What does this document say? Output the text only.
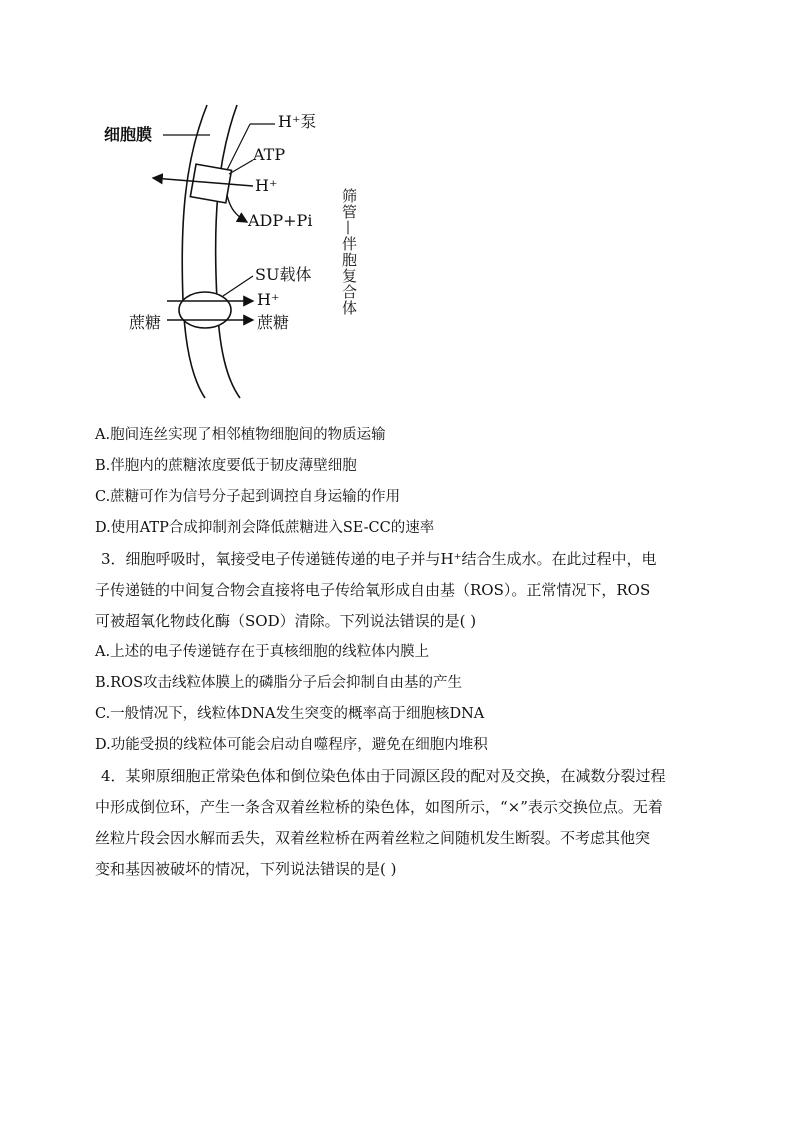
细胞膜
H⁺泵
ATP
H⁺
ADP+Pi
SU载体
H⁺
蔗糖	蔗糖
筛管—伴胞复合体
A.胞间连丝实现了相邻植物细胞间的物质运输
B.伴胞内的蔗糖浓度要低于韧皮薄壁细胞
C.蔗糖可作为信号分子起到调控自身运输的作用
D.使用ATP合成抑制剂会降低蔗糖进入SE-CC的速率
3．细胞呼吸时，氧接受电子传递链传递的电子并与H⁺结合生成水。在此过程中，电
子传递链的中间复合物会直接将电子传给氧形成自由基（ROS）。正常情况下，ROS
可被超氧化物歧化酶（SOD）清除。下列说法错误的是( )
A.上述的电子传递链存在于真核细胞的线粒体内膜上
B.ROS攻击线粒体膜上的磷脂分子后会抑制自由基的产生
C.一般情况下，线粒体DNA发生突变的概率高于细胞核DNA
D.功能受损的线粒体可能会启动自噬程序，避免在细胞内堆积
4．某卵原细胞正常染色体和倒位染色体由于同源区段的配对及交换，在减数分裂过程
中形成倒位环，产生一条含双着丝粒桥的染色体，如图所示，“×”表示交换位点。无着
丝粒片段会因水解而丢失，双着丝粒桥在两着丝粒之间随机发生断裂。不考虑其他突
变和基因被破坏的情况，下列说法错误的是( )
